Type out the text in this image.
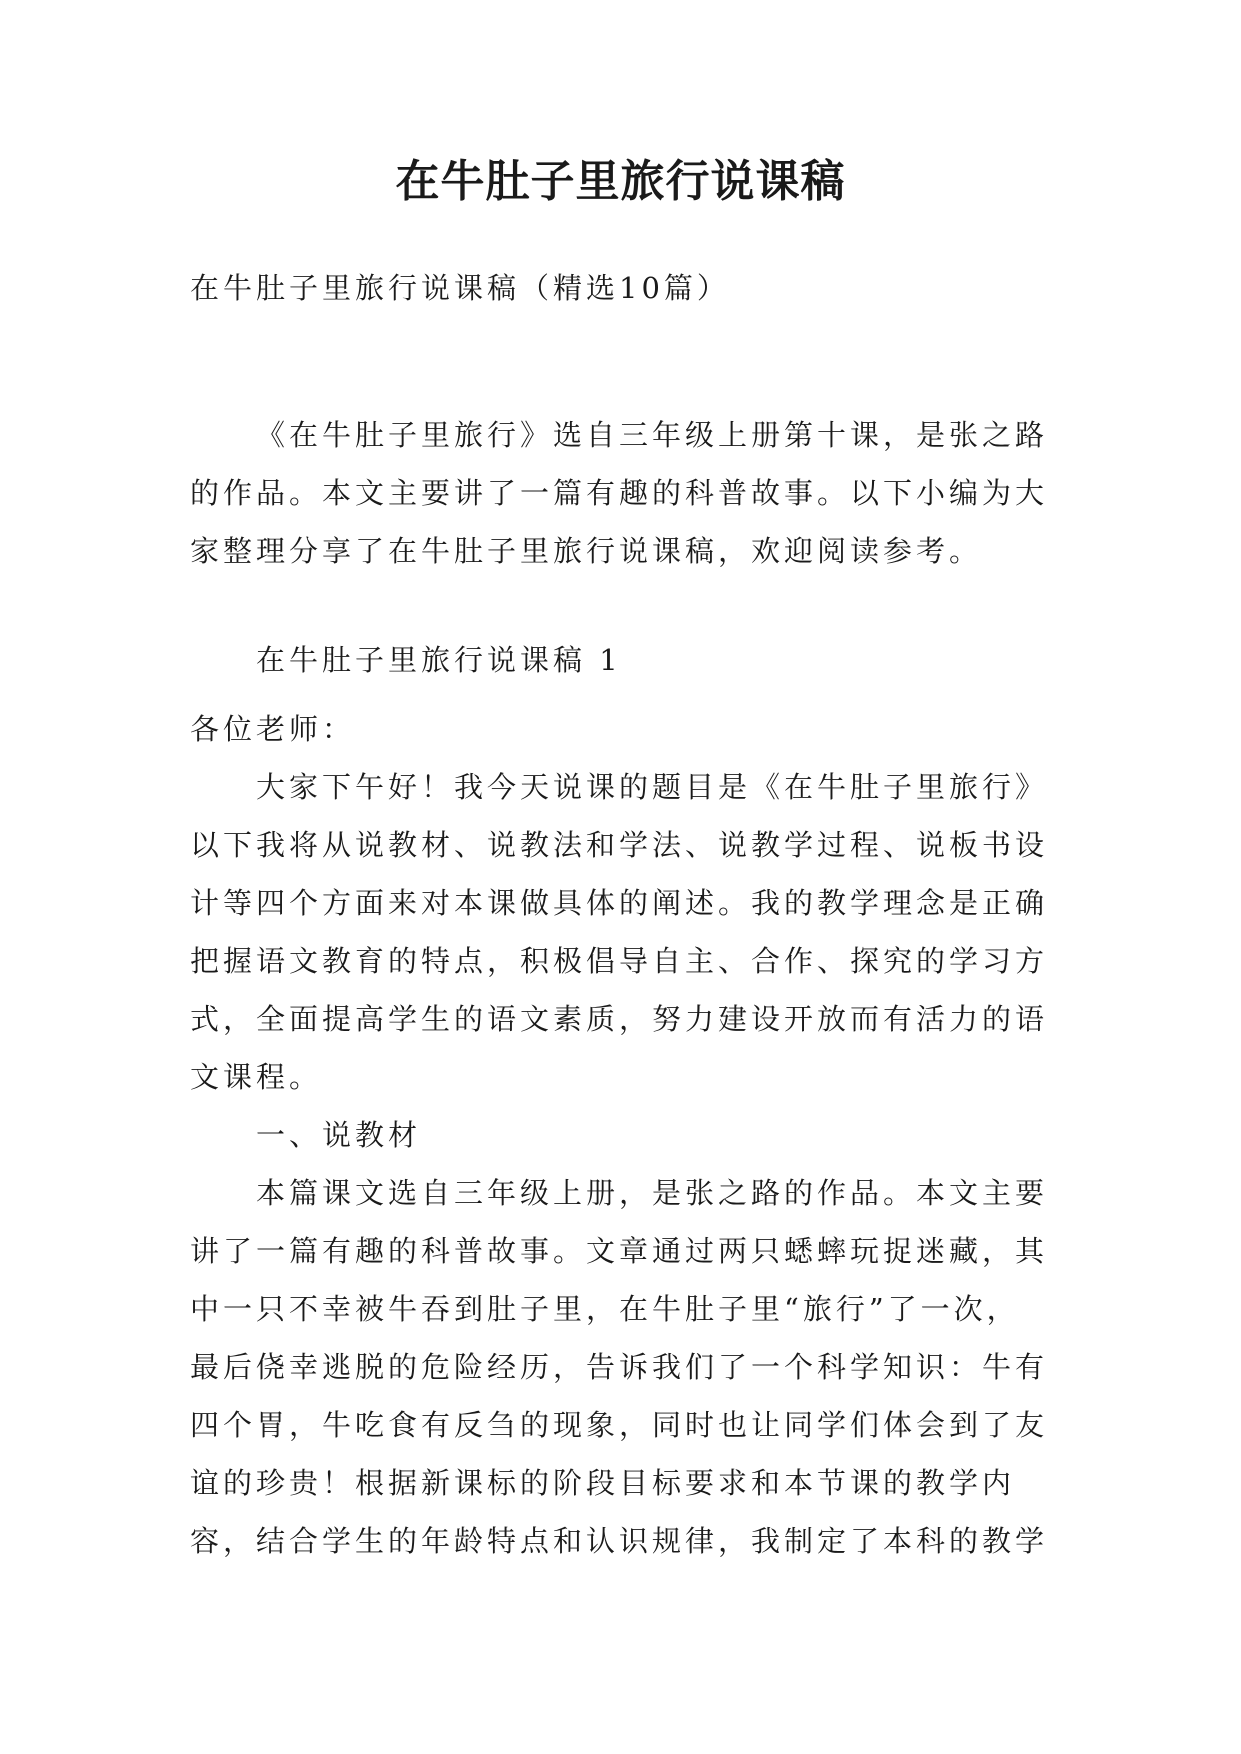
在牛肚子里旅行说课稿

在牛肚子里旅行说课稿（精选10篇）

《在牛肚子里旅行》选自三年级上册第十课，是张之路的作品。本文主要讲了一篇有趣的科普故事。以下小编为大家整理分享了在牛肚子里旅行说课稿，欢迎阅读参考。

在牛肚子里旅行说课稿 1

各位老师：

大家下午好！我今天说课的题目是《在牛肚子里旅行》以下我将从说教材、说教法和学法、说教学过程、说板书设计等四个方面来对本课做具体的阐述。我的教学理念是正确把握语文教育的特点，积极倡导自主、合作、探究的学习方式，全面提高学生的语文素质，努力建设开放而有活力的语文课程。

一、说教材

本篇课文选自三年级上册，是张之路的作品。本文主要讲了一篇有趣的科普故事。文章通过两只蟋蟀玩捉迷藏，其中一只不幸被牛吞到肚子里，在牛肚子里“旅行”了一次，最后侥幸逃脱的危险经历，告诉我们了一个科学知识：牛有四个胃，牛吃食有反刍的现象，同时也让同学们体会到了友谊的珍贵！根据新课标的阶段目标要求和本节课的教学内容，结合学生的年龄特点和认识规律，我制定了本科的教学
